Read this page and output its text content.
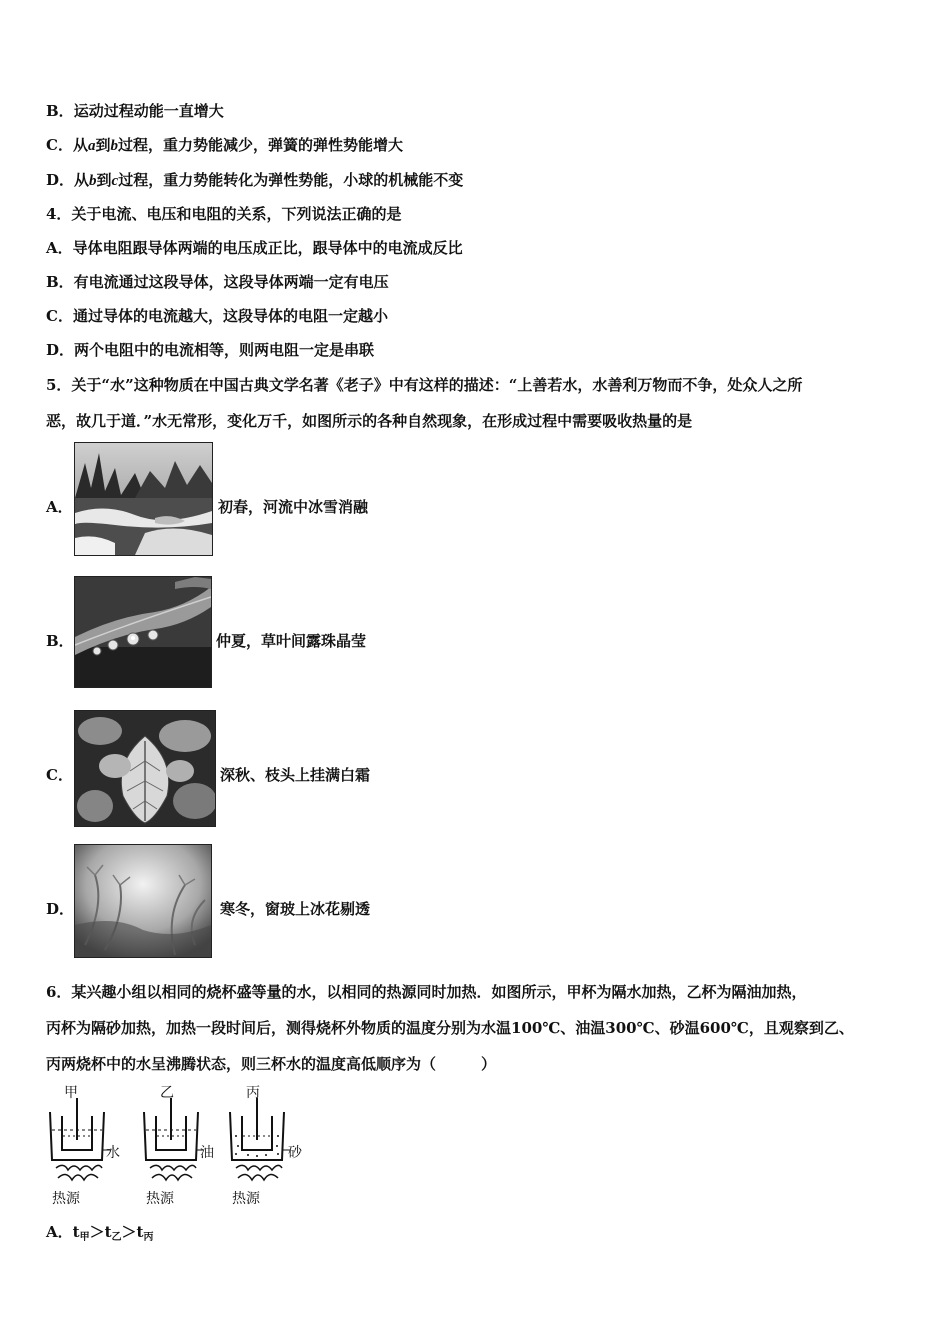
B．运动过程动能一直增大
C．从a到b过程，重力势能减少，弹簧的弹性势能增大
D．从b到c过程，重力势能转化为弹性势能，小球的机械能不变
4．关于电流、电压和电阻的关系，下列说法正确的是
A．导体电阻跟导体两端的电压成正比，跟导体中的电流成反比
B．有电流通过这段导体，这段导体两端一定有电压
C．通过导体的电流越大，这段导体的电阻一定越小
D．两个电阻中的电流相等，则两电阻一定是串联
5．关于“水”这种物质在中国古典文学名著《老子》中有这样的描述：“上善若水，水善利万物而不争，处众人之所
恶，故几于道．”水无常形，变化万千，如图所示的各种自然现象，在形成过程中需要吸收热量的是
A．	初春，河流中冰雪消融
B．	仲夏，草叶间露珠晶莹
C．	深秋、枝头上挂满白霜
D．	寒冬，窗玻上冰花剔透
6．某兴趣小组以相同的烧杯盛等量的水，以相同的热源同时加热．如图所示，甲杯为隔水加热，乙杯为隔油加热，
丙杯为隔砂加热，加热一段时间后，测得烧杯外物质的温度分别为水温100℃、油温300℃、砂温600℃，且观察到乙、
丙两烧杯中的水呈沸腾状态，则三杯水的温度高低顺序为（　　　）
甲
水
热源
乙
油
热源
丙
砂
热源
A．$t_甲>t_乙>t_丙$
